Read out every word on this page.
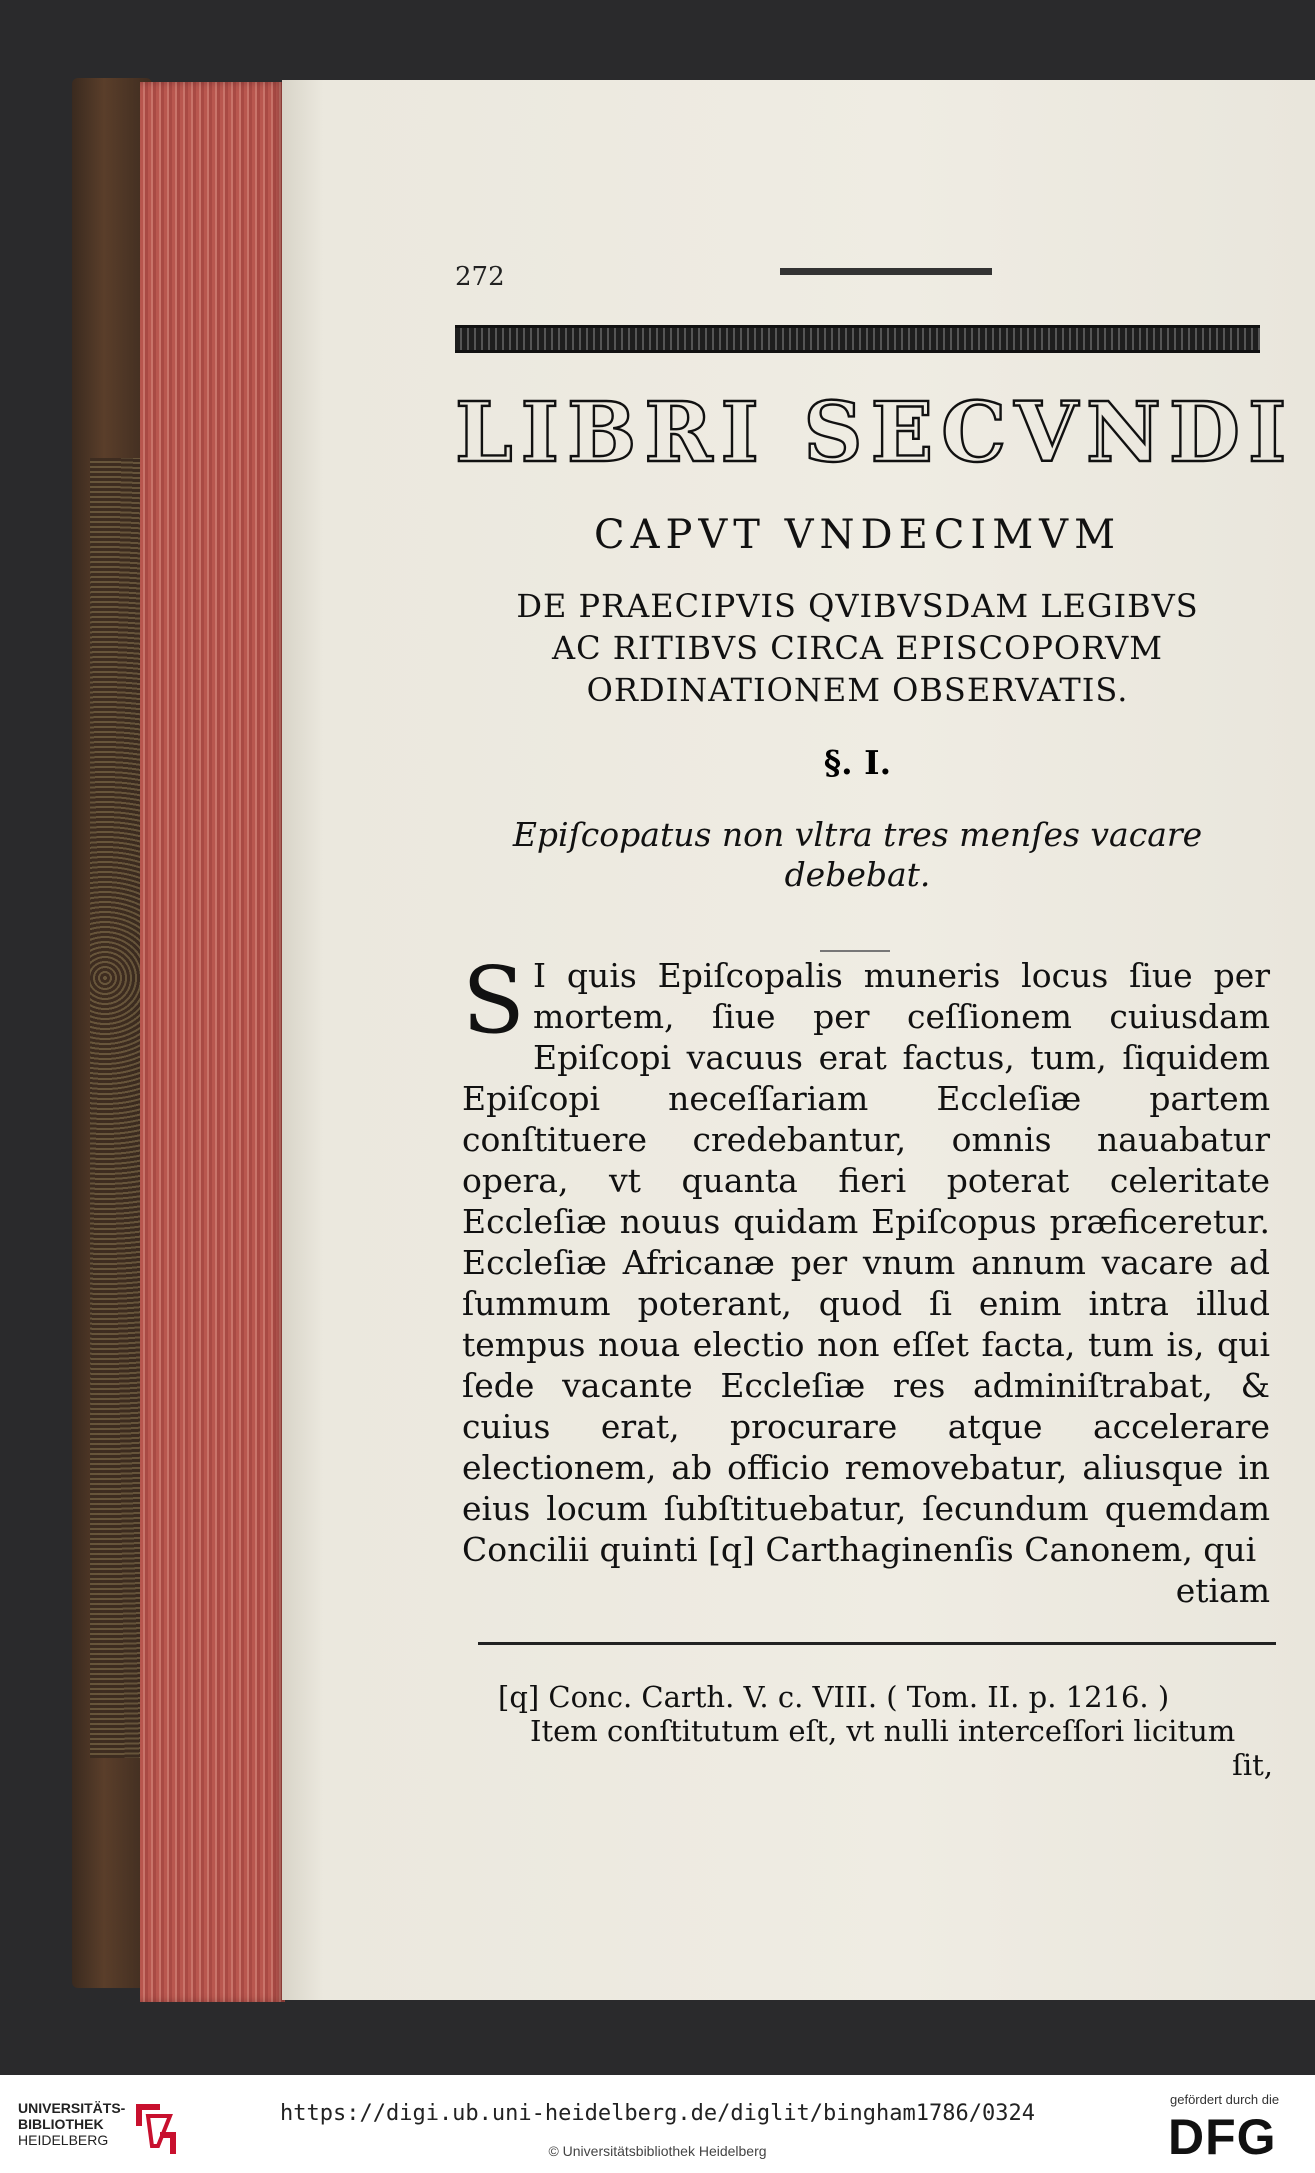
272
LIBRI SECVNDI
CAPVT VNDECIMVM
DE PRAECIPVIS QVIBVSDAM LEGIBVS
AC RITIBVS CIRCA EPISCOPORVM
ORDINATIONEM OBSERVATIS.
§. I.
Epiſcopatus non vltra tres menſes vacare
debebat.

S I quis Epiſcopalis muneris locus ſiue per mortem, ſiue per ceſſionem cuiusdam Epiſcopi vacuus erat factus, tum, ſiquidem Epiſcopi neceſſariam Eccleſiæ partem conſtituere credebantur, omnis nauabatur opera, vt quanta fieri poterat celeritate Eccleſiæ nouus quidam Epiſcopus præficeretur. Eccleſiæ Africanæ per vnum annum vacare ad ſummum poterant, quod ſi enim intra illud tempus noua electio non eſſet facta, tum is, qui ſede vacante Eccleſiæ res adminiſtrabat, & cuius erat, procurare atque accelerare electionem, ab officio removebatur, aliusque in eius locum ſubſtituebatur, ſecundum quemdam Concilii quinti [q] Carthaginenſis Canonem, qui
etiam

[q] Conc. Carth. V. c. VIII. ( Tom. II. p. 1216. )
Item conſtitutum eſt, vt nulli interceſſori licitum
ſit,
UNIVERSITÄTS-
BIBLIOTHEK
HEIDELBERG
https://digi.ub.uni-heidelberg.de/diglit/bingham1786/0324
© Universitätsbibliothek Heidelberg
gefördert durch die
DFG
